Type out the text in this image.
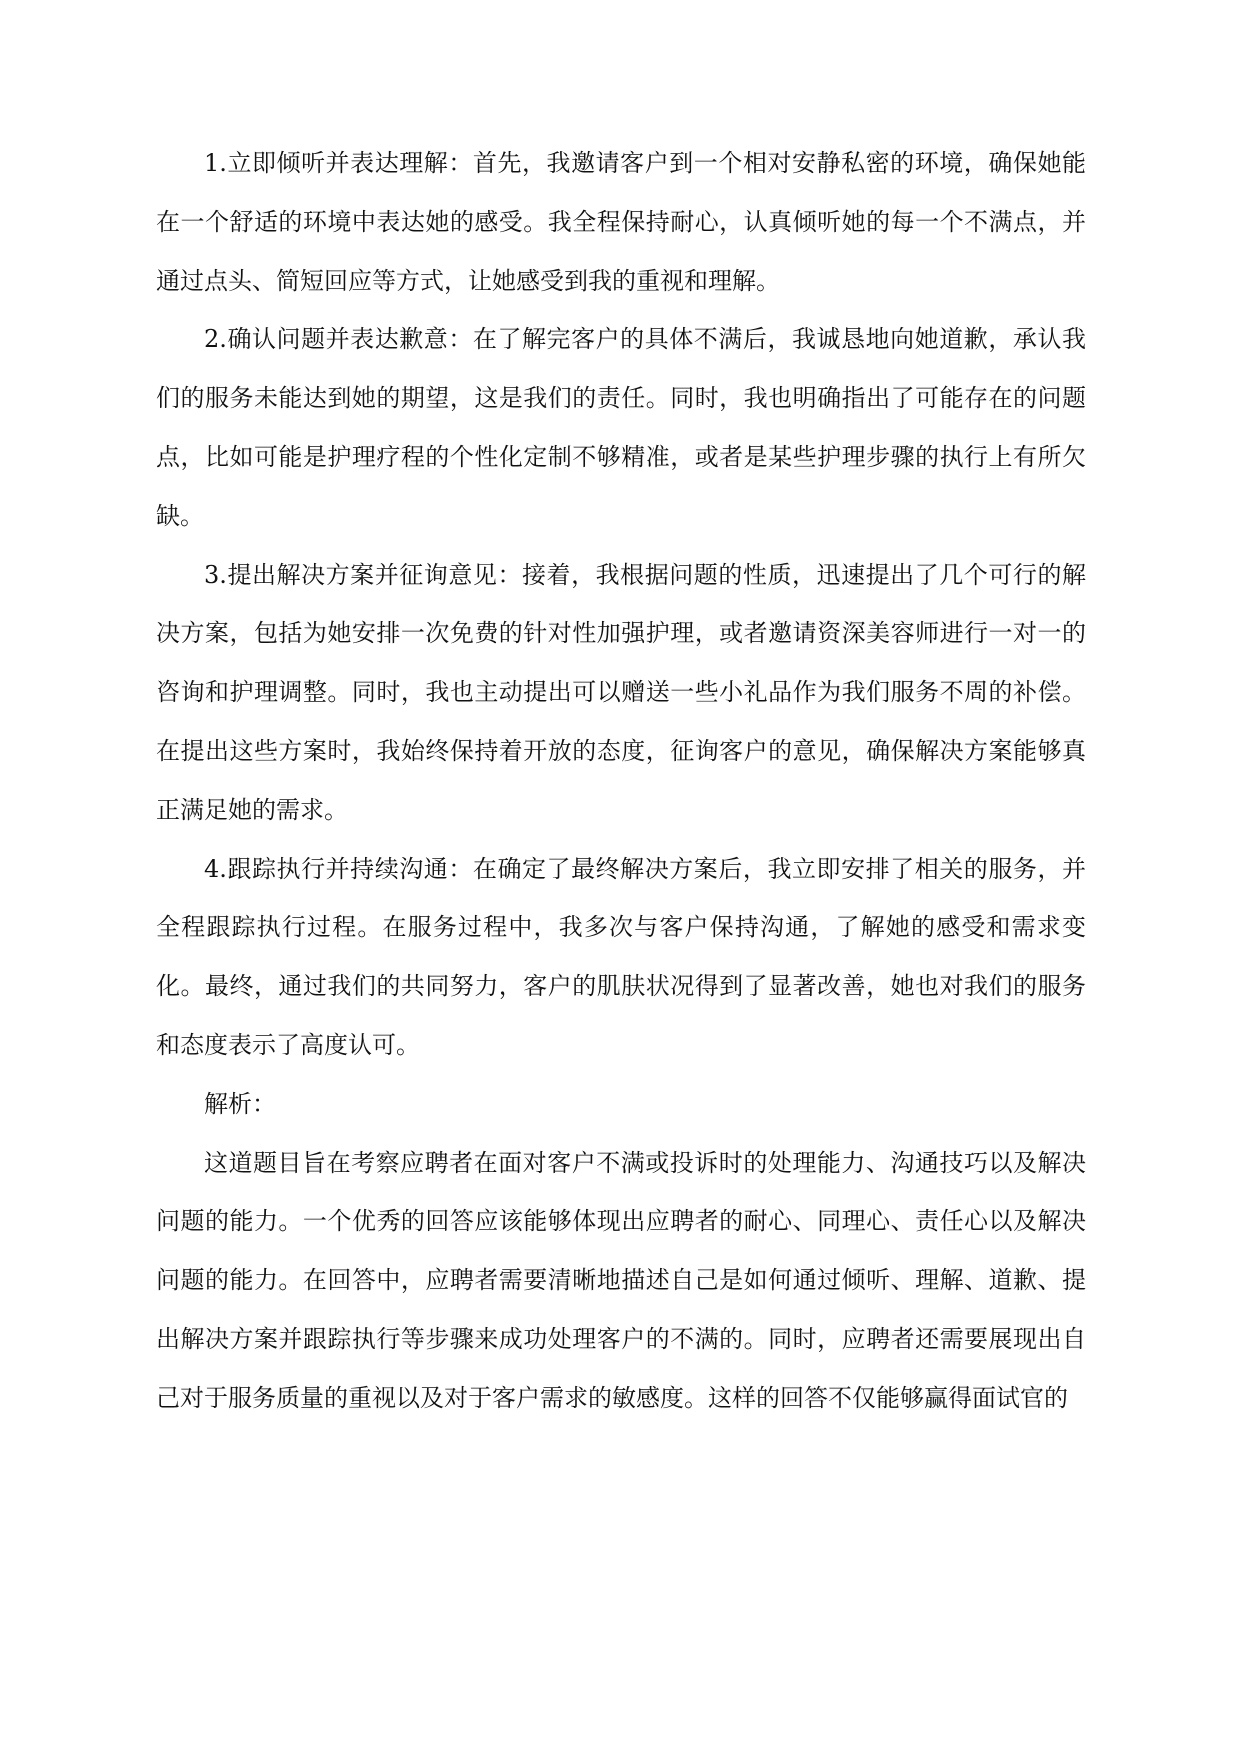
1.立即倾听并表达理解：首先，我邀请客户到一个相对安静私密的环境，确保她能在一个舒适的环境中表达她的感受。我全程保持耐心，认真倾听她的每一个不满点，并通过点头、简短回应等方式，让她感受到我的重视和理解。

2.确认问题并表达歉意：在了解完客户的具体不满后，我诚恳地向她道歉，承认我们的服务未能达到她的期望，这是我们的责任。同时，我也明确指出了可能存在的问题点，比如可能是护理疗程的个性化定制不够精准，或者是某些护理步骤的执行上有所欠缺。

3.提出解决方案并征询意见：接着，我根据问题的性质，迅速提出了几个可行的解决方案，包括为她安排一次免费的针对性加强护理，或者邀请资深美容师进行一对一的咨询和护理调整。同时，我也主动提出可以赠送一些小礼品作为我们服务不周的补偿。在提出这些方案时，我始终保持着开放的态度，征询客户的意见，确保解决方案能够真正满足她的需求。

4.跟踪执行并持续沟通：在确定了最终解决方案后，我立即安排了相关的服务，并全程跟踪执行过程。在服务过程中，我多次与客户保持沟通，了解她的感受和需求变化。最终，通过我们的共同努力，客户的肌肤状况得到了显著改善，她也对我们的服务和态度表示了高度认可。

解析：

这道题目旨在考察应聘者在面对客户不满或投诉时的处理能力、沟通技巧以及解决问题的能力。一个优秀的回答应该能够体现出应聘者的耐心、同理心、责任心以及解决问题的能力。在回答中，应聘者需要清晰地描述自己是如何通过倾听、理解、道歉、提出解决方案并跟踪执行等步骤来成功处理客户的不满的。同时，应聘者还需要展现出自己对于服务质量的重视以及对于客户需求的敏感度。这样的回答不仅能够赢得面试官的
